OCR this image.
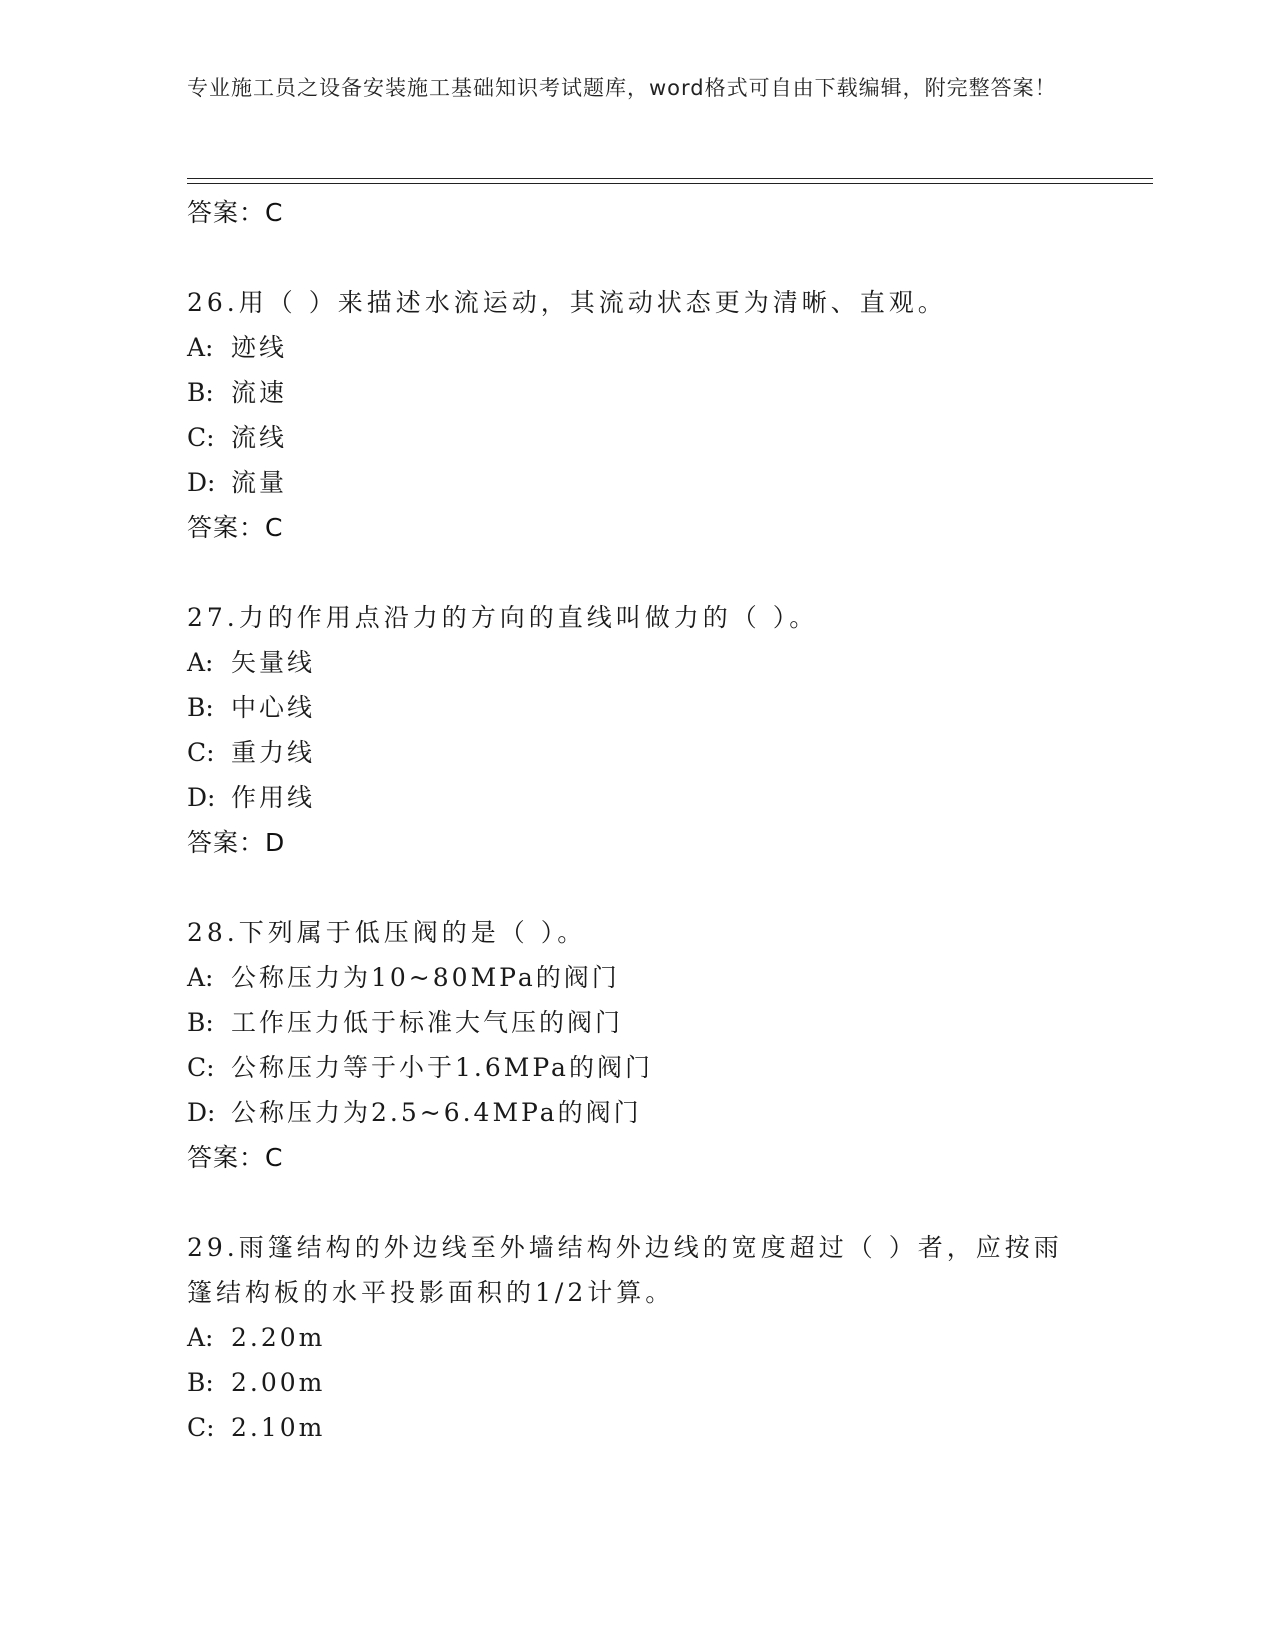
专业施工员之设备安装施工基础知识考试题库，word格式可自由下载编辑，附完整答案！
答案：C
26.用（ ）来描述水流运动，其流动状态更为清晰、直观。
A: 迹线
B: 流速
C: 流线
D: 流量
答案：C
27.力的作用点沿力的方向的直线叫做力的（ ）。
A: 矢量线
B: 中心线
C: 重力线
D: 作用线
答案：D
28.下列属于低压阀的是（ ）。
A: 公称压力为10~80MPa的阀门
B: 工作压力低于标准大气压的阀门
C: 公称压力等于小于1.6MPa的阀门
D: 公称压力为2.5~6.4MPa的阀门
答案：C
29.雨篷结构的外边线至外墙结构外边线的宽度超过（ ）者，应按雨篷结构板的水平投影面积的1/2计算。
A: 2.20m
B: 2.00m
C: 2.10m
